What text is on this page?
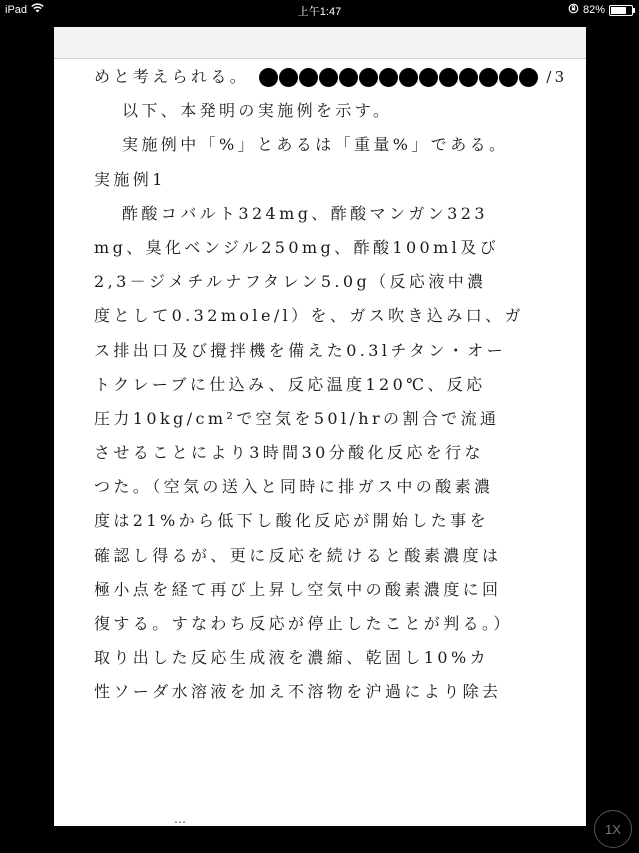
iPad	上午1:47	82%
めと考えられる。	/3
以下、本発明の実施例を示す。
実施例中「%」とあるは「重量%」である。
実施例1
酢酸コバルト324mg、酢酸マンガン323
mg、臭化ベンジル250mg、酢酸100ml及び
2,3－ジメチルナフタレン5.0g（反応液中濃
度として0.32mole/l）を、ガス吹き込み口、ガ
ス排出口及び攪拌機を備えた0.3lチタン・オー
トクレーブに仕込み、反応温度120℃、反応
圧力10kg/cm²で空気を50l/hrの割合で流通
させることにより3時間30分酸化反応を行な
つた。（空気の送入と同時に排ガス中の酸素濃
度は21%から低下し酸化反応が開始した事を
確認し得るが、更に反応を続けると酸素濃度は
極小点を経て再び上昇し空気中の酸素濃度に回
復する。すなわち反応が停止したことが判る。）
取り出した反応生成液を濃縮、乾固し10%カ
性ソーダ水溶液を加え不溶物を沪過により除去
…
1X
